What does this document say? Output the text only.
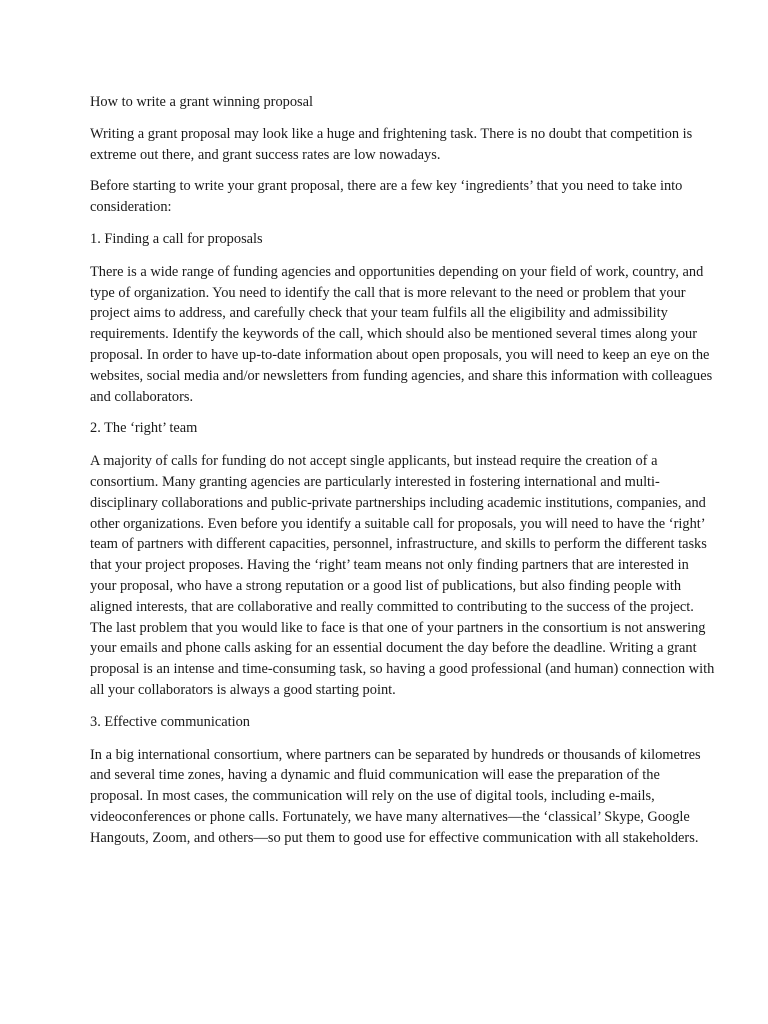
How to write a grant winning proposal

Writing a grant proposal may look like a huge and frightening task. There is no doubt that competition is extreme out there, and grant success rates are low nowadays.

Before starting to write your grant proposal, there are a few key ‘ingredients’ that you need to take into consideration:

1. Finding a call for proposals

There is a wide range of funding agencies and opportunities depending on your field of work, country, and type of organization. You need to identify the call that is more relevant to the need or problem that your project aims to address, and carefully check that your team fulfils all the eligibility and admissibility requirements. Identify the keywords of the call, which should also be mentioned several times along your proposal. In order to have up-to-date information about open proposals, you will need to keep an eye on the websites, social media and/or newsletters from funding agencies, and share this information with colleagues and collaborators.

2. The ‘right’ team

A majority of calls for funding do not accept single applicants, but instead require the creation of a consortium. Many granting agencies are particularly interested in fostering international and multi-disciplinary collaborations and public-private partnerships including academic institutions, companies, and other organizations. Even before you identify a suitable call for proposals, you will need to have the ‘right’ team of partners with different capacities, personnel, infrastructure, and skills to perform the different tasks that your project proposes. Having the ‘right’ team means not only finding partners that are interested in your proposal, who have a strong reputation or a good list of publications, but also finding people with aligned interests, that are collaborative and really committed to contributing to the success of the project. The last problem that you would like to face is that one of your partners in the consortium is not answering your emails and phone calls asking for an essential document the day before the deadline. Writing a grant proposal is an intense and time-consuming task, so having a good professional (and human) connection with all your collaborators is always a good starting point.

3. Effective communication

In a big international consortium, where partners can be separated by hundreds or thousands of kilometres and several time zones, having a dynamic and fluid communication will ease the preparation of the proposal. In most cases, the communication will rely on the use of digital tools, including e-mails, videoconferences or phone calls. Fortunately, we have many alternatives—the ‘classical’ Skype, Google Hangouts, Zoom, and others—so put them to good use for effective communication with all stakeholders.
